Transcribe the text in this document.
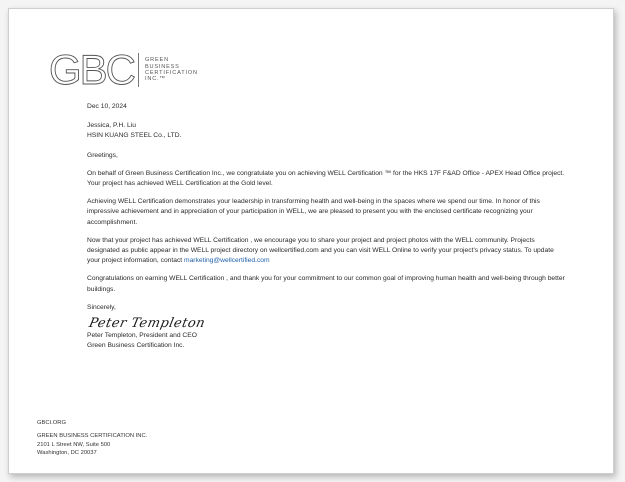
GBC GREEN
BUSINESS
CERTIFICATION
INC.™

Dec 10, 2024

Jessica, P.H. Liu
HSIN KUANG STEEL Co., LTD.

Greetings,

On behalf of Green Business Certification Inc., we congratulate you on achieving WELL Certification ™ for the HKS 17F F&AD Office - APEX Head Office project. Your project has achieved WELL Certification at the Gold level.

Achieving WELL Certification demonstrates your leadership in transforming health and well-being in the spaces where we spend our time. In honor of this impressive achievement and in appreciation of your participation in WELL, we are pleased to present you with the enclosed certificate recognizing your accomplishment.

Now that your project has achieved WELL Certification , we encourage you to share your project and project photos with the WELL community. Projects designated as public appear in the WELL project directory on wellcertified.com and you can visit WELL Online to verify your project's privacy status. To update your project information, contact marketing@wellcertified.com

Congratulations on earning WELL Certification , and thank you for your commitment to our common goal of improving human health and well-being through better buildings.

Sincerely,

Peter Templeton
Peter Templeton, President and CEO
Green Business Certification Inc.
GBCI.ORG
GREEN BUSINESS CERTIFICATION INC.
2101 L Street NW, Suite 500
Washington, DC 20037
